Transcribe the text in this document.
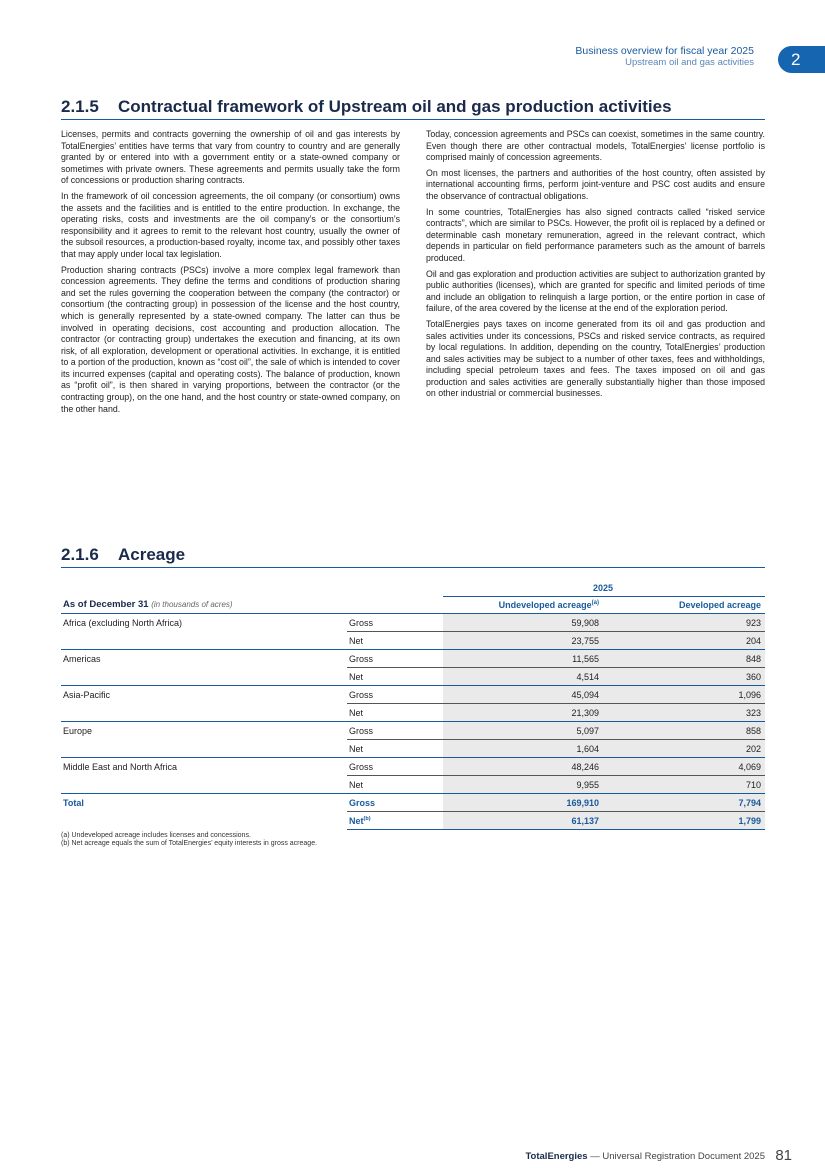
Business overview for fiscal year 2025
Upstream oil and gas activities	2
2.1.5 Contractual framework of Upstream oil and gas production activities

Licenses, permits and contracts governing the ownership of oil and gas interests by TotalEnergies’ entities have terms that vary from country to country and are generally granted by or entered into with a government entity or a state-owned company or sometimes with private owners. These agreements and permits usually take the form of concessions or production sharing contracts.

In the framework of oil concession agreements, the oil company (or consortium) owns the assets and the facilities and is entitled to the entire production. In exchange, the operating risks, costs and investments are the oil company’s or the consortium’s responsibility and it agrees to remit to the relevant host country, usually the owner of the subsoil resources, a production-based royalty, income tax, and possibly other taxes that may apply under local tax legislation.

Production sharing contracts (PSCs) involve a more complex legal framework than concession agreements. They define the terms and conditions of production sharing and set the rules governing the cooperation between the company (the contractor) or consortium (the contracting group) in possession of the license and the host country, which is generally represented by a state-owned company. The latter can thus be involved in operating decisions, cost accounting and production allocation. The contractor (or contracting group) undertakes the execution and financing, at its own risk, of all exploration, development or operational activities. In exchange, it is entitled to a portion of the production, known as “cost oil”, the sale of which is intended to cover its incurred expenses (capital and operating costs). The balance of production, known as “profit oil”, is then shared in varying proportions, between the contractor (or the contracting group), on the one hand, and the host country or state-owned company, on the other hand.

Today, concession agreements and PSCs can coexist, sometimes in the same country. Even though there are other contractual models, TotalEnergies’ license portfolio is comprised mainly of concession agreements.

On most licenses, the partners and authorities of the host country, often assisted by international accounting firms, perform joint-venture and PSC cost audits and ensure the observance of contractual obligations.

In some countries, TotalEnergies has also signed contracts called “risked service contracts”, which are similar to PSCs. However, the profit oil is replaced by a defined or determinable cash monetary remuneration, agreed in the relevant contract, which depends in particular on field performance parameters such as the amount of barrels produced.

Oil and gas exploration and production activities are subject to authorization granted by public authorities (licenses), which are granted for specific and limited periods of time and include an obligation to relinquish a large portion, or the entire portion in case of failure, of the area covered by the license at the end of the exploration period.

TotalEnergies pays taxes on income generated from its oil and gas production and sales activities under its concessions, PSCs and risked service contracts, as required by local regulations. In addition, depending on the country, TotalEnergies’ production and sales activities may be subject to a number of other taxes, fees and withholdings, including special petroleum taxes and fees. The taxes imposed on oil and gas production and sales activities are generally substantially higher than those imposed on other industrial or commercial businesses.

2.1.6 Acreage
		2025	
As of December 31 (in thousands of acres)		Undeveloped acreage$^{(a)}$	Developed acreage
Africa (excluding North Africa)	Gross	59,908	923
	Net	23,755	204
Americas	Gross	11,565	848
	Net	4,514	360
Asia-Pacific	Gross	45,094	1,096
	Net	21,309	323
Europe	Gross	5,097	858
	Net	1,604	202
Middle East and North Africa	Gross	48,246	4,069
	Net	9,955	710
Total	Gross	169,910	7,794
	Net$^{(b)}$	61,137	1,799
(a) Undeveloped acreage includes licenses and concessions.
(b) Net acreage equals the sum of TotalEnergies’ equity interests in gross acreage.
TotalEnergies — Universal Registration Document 2025 81
